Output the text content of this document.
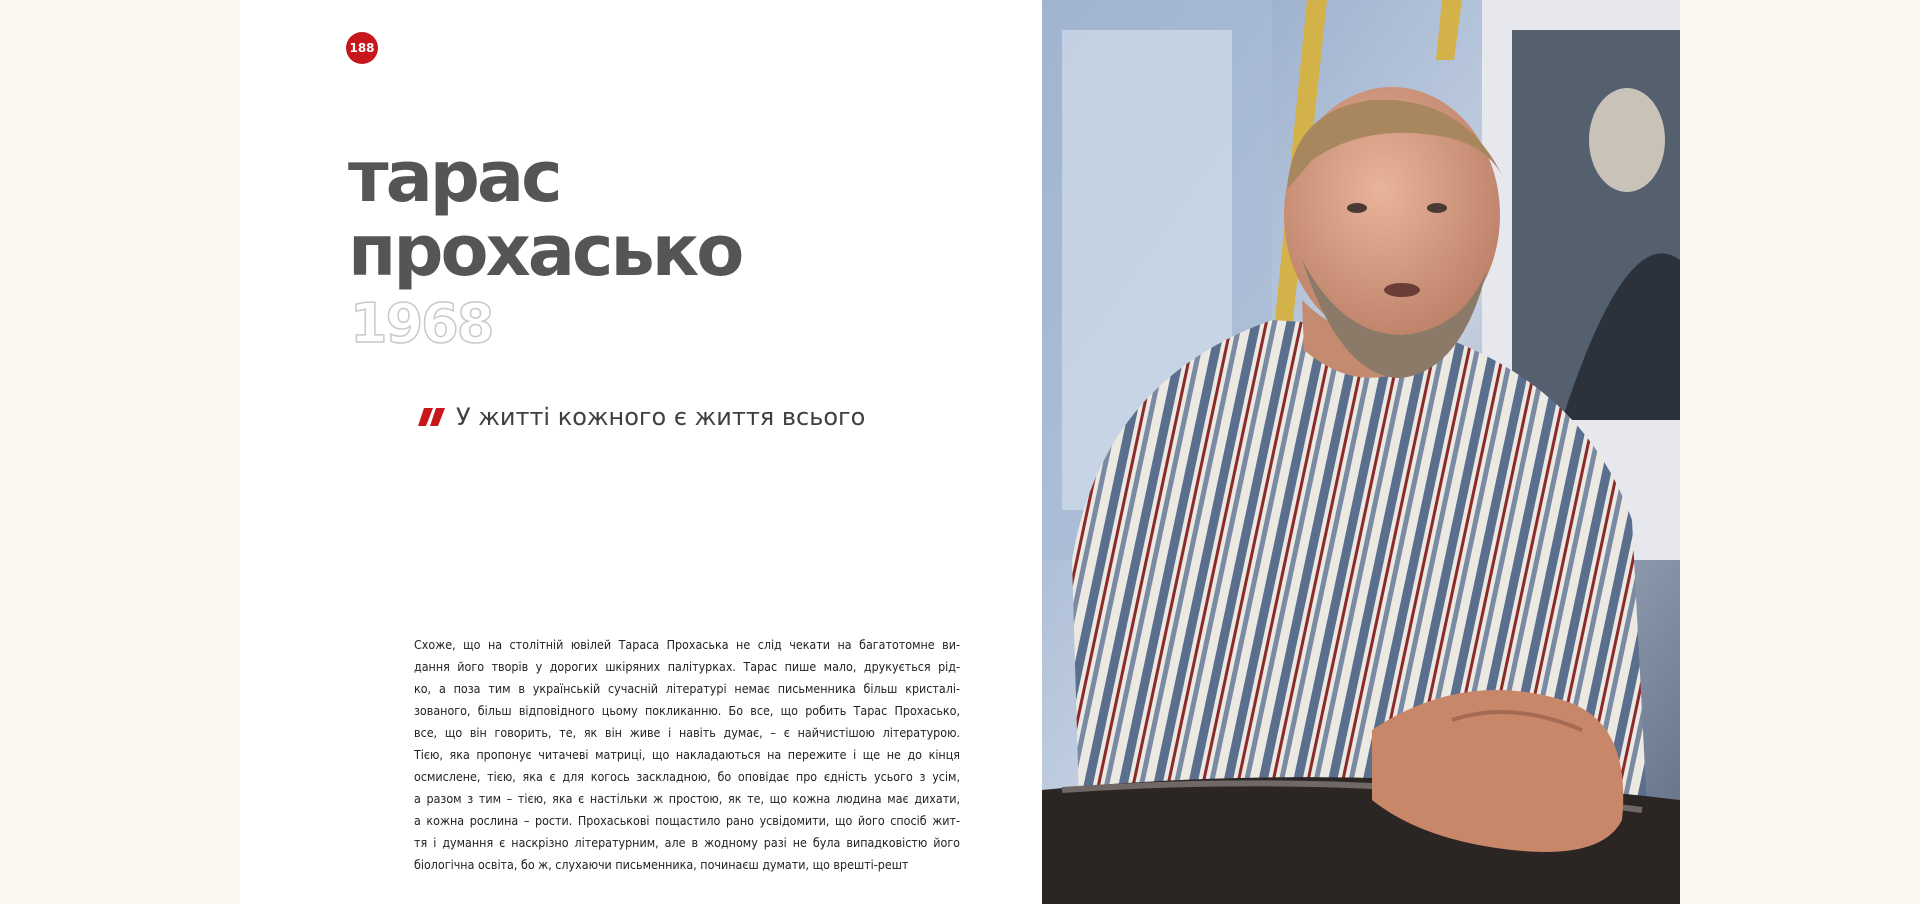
188
тарас
прохасько
1968
У житті кожного є життя всього
Схоже, що на столітній ювілей Тараса Прохаська не слід чекати на багатотомне ви-
дання його творів у дорогих шкіряних палітурках. Тарас пише мало, друкується рід-
ко, а поза тим в українській сучасній літературі немає письменника більш кристалі-
зованого, більш відповідного цьому покликанню. Бо все, що робить Тарас Прохасько,
все, що він говорить, те, як він живе і навіть думає, – є найчистішою літературою.
Тією, яка пропонує читачеві матриці, що накладаються на пережите і ще не до кінця
осмислене, тією, яка є для когось заскладною, бо оповідає про єдність усього з усім,
а разом з тим – тією, яка є настільки ж простою, як те, що кожна людина має дихати,
а кожна рослина – рости. Прохаськові пощастило рано усвідомити, що його спосіб жит-
тя і думання є наскрізно літературним, але в жодному разі не була випадковістю його
біологічна освіта, бо ж, слухаючи письменника, починаєш думати, що врешті-решт
